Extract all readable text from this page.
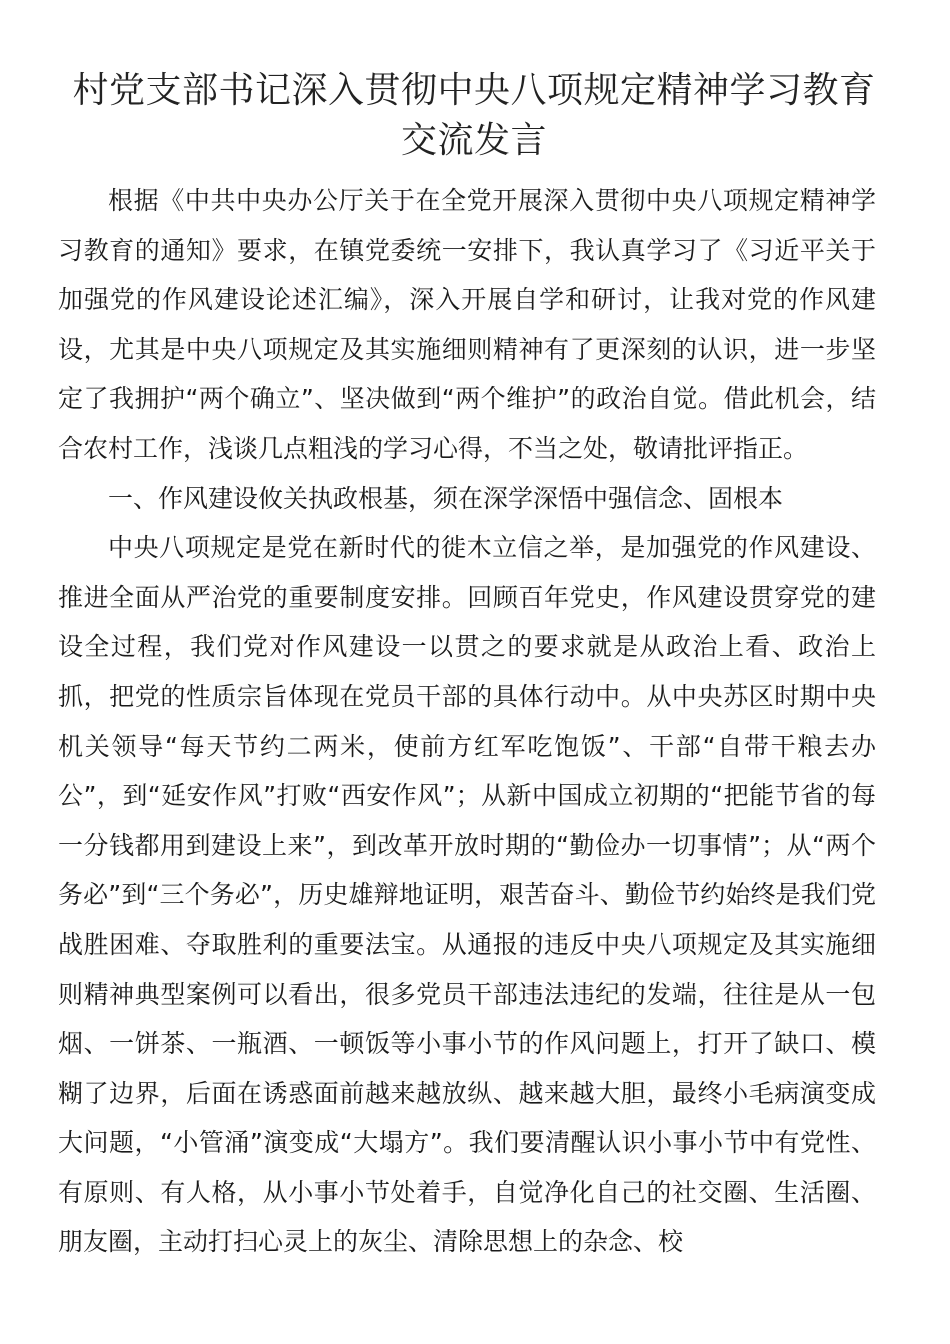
村党支部书记深入贯彻中央八项规定精神学习教育交流发言

根据《中共中央办公厅关于在全党开展深入贯彻中央八项规定精神学习教育的通知》要求，在镇党委统一安排下，我认真学习了《习近平关于加强党的作风建设论述汇编》，深入开展自学和研讨，让我对党的作风建设，尤其是中央八项规定及其实施细则精神有了更深刻的认识，进一步坚定了我拥护“两个确立”、坚决做到“两个维护”的政治自觉。借此机会，结合农村工作，浅谈几点粗浅的学习心得，不当之处，敬请批评指正。

一、作风建设攸关执政根基，须在深学深悟中强信念、固根本

中央八项规定是党在新时代的徙木立信之举，是加强党的作风建设、推进全面从严治党的重要制度安排。回顾百年党史，作风建设贯穿党的建设全过程，我们党对作风建设一以贯之的要求就是从政治上看、政治上抓，把党的性质宗旨体现在党员干部的具体行动中。从中央苏区时期中央机关领导“每天节约二两米，使前方红军吃饱饭”、干部“自带干粮去办公”，到“延安作风”打败“西安作风”；从新中国成立初期的“把能节省的每一分钱都用到建设上来”，到改革开放时期的“勤俭办一切事情”；从“两个务必”到“三个务必”，历史雄辩地证明，艰苦奋斗、勤俭节约始终是我们党战胜困难、夺取胜利的重要法宝。从通报的违反中央八项规定及其实施细则精神典型案例可以看出，很多党员干部违法违纪的发端，往往是从一包烟、一饼茶、一瓶酒、一顿饭等小事小节的作风问题上，打开了缺口、模糊了边界，后面在诱惑面前越来越放纵、越来越大胆，最终小毛病演变成大问题，“小管涌”演变成“大塌方”。我们要清醒认识小事小节中有党性、有原则、有人格，从小事小节处着手，自觉净化自己的社交圈、生活圈、朋友圈，主动打扫心灵上的灰尘、清除思想上的杂念、校
